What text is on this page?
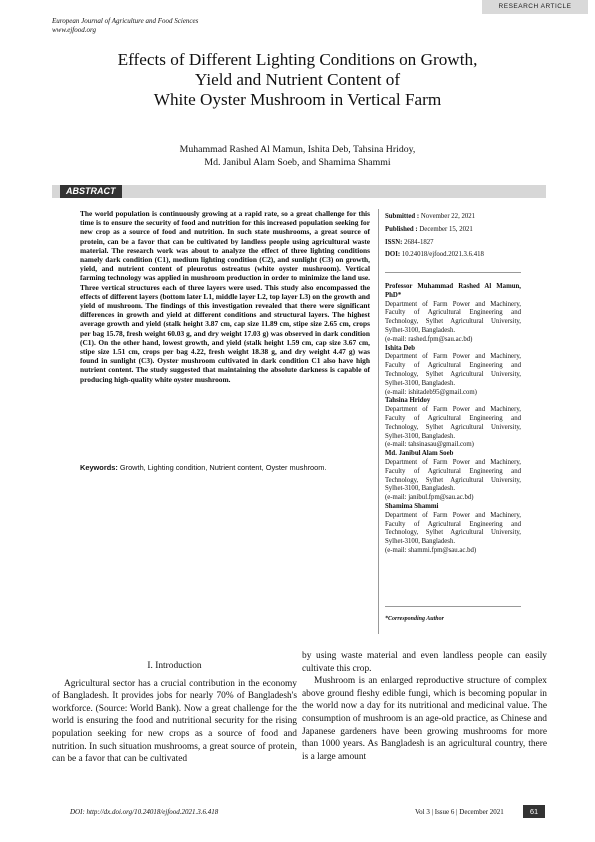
RESEARCH ARTICLE
European Journal of Agriculture and Food Sciences
www.ejfood.org
Effects of Different Lighting Conditions on Growth,
Yield and Nutrient Content of
White Oyster Mushroom in Vertical Farm
Muhammad Rashed Al Mamun, Ishita Deb, Tahsina Hridoy,
Md. Janibul Alam Soeb, and Shamima Shammi
ABSTRACT
The world population is continuously growing at a rapid rate, so a great challenge for this time is to ensure the security of food and nutrition for this increased population seeking for new crop as a source of food and nutrition. In such state mushrooms, a great source of protein, can be a favor that can be cultivated by landless people using agricultural waste material. The research work was about to analyze the effect of three lighting conditions namely dark condition (C1), medium lighting condition (C2), and sunlight (C3) on growth, yield, and nutrient content of pleurotus ostreatus (white oyster mushroom). Vertical farming technology was applied in mushroom production in order to minimize the land use. Three vertical structures each of three layers were used. This study also encompassed the effects of different layers (bottom later L1, middle layer L2, top layer L3) on the growth and yield of mushroom. The findings of this investigation revealed that there were significant differences in growth and yield at different conditions and structural layers. The highest average growth and yield (stalk height 3.87 cm, cap size 11.89 cm, stipe size 2.65 cm, crops per bag 15.78, fresh weight 60.03 g, and dry weight 17.03 g) was observed in dark condition (C1). On the other hand, lowest growth, and yield (stalk height 1.59 cm, cap size 3.67 cm, stipe size 1.51 cm, crops per bag 4.22, fresh weight 18.38 g, and dry weight 4.47 g) was found in sunlight (C3). Oyster mushroom cultivated in dark condition C1 also have high nutrient content. The study suggested that maintaining the absolute darkness is capable of producing high-quality white oyster mushroom.
Keywords: Growth, Lighting condition, Nutrient content, Oyster mushroom.
Submitted : November 22, 2021
Published : December 15, 2021
ISSN: 2684-1827
DOI: 10.24018/ejfood.2021.3.6.418
Professor Muhammad Rashed Al Mamun, PhD*
Department of Farm Power and Machinery, Faculty of Agricultural Engineering and Technology, Sylhet Agricultural University, Sylhet-3100, Bangladesh.
(e-mail: rashed.fpm@sau.ac.bd)
Ishita Deb
Department of Farm Power and Machinery, Faculty of Agricultural Engineering and Technology, Sylhet Agricultural University, Sylhet-3100, Bangladesh.
(e-mail: ishitadeb95@gmail.com)
Tahsina Hridoy
Department of Farm Power and Machinery, Faculty of Agricultural Engineering and Technology, Sylhet Agricultural University, Sylhet-3100, Bangladesh.
(e-mail: tahsinasau@gmail.com)
Md. Janibul Alam Soeb
Department of Farm Power and Machinery, Faculty of Agricultural Engineering and Technology, Sylhet Agricultural University, Sylhet-3100, Bangladesh.
(e-mail: janibul.fpm@sau.ac.bd)
Shamima Shammi
Department of Farm Power and Machinery, Faculty of Agricultural Engineering and Technology, Sylhet Agricultural University, Sylhet-3100, Bangladesh.
(e-mail: shammi.fpm@sau.ac.bd)
*Corresponding Author
I. Introduction

Agricultural sector has a crucial contribution in the economy of Bangladesh. It provides jobs for nearly 70% of Bangladesh's workforce. (Source: World Bank). Now a great challenge for the world is ensuring the food and nutritional security for the rising population seeking for new crops as a source of food and nutrition. In such situation mushrooms, a great source of protein, can be a favor that can be cultivated

by using waste material and even landless people can easily cultivate this crop.

Mushroom is an enlarged reproductive structure of complex above ground fleshy edible fungi, which is becoming popular in the world now a day for its nutritional and medicinal value. The consumption of mushroom is an age-old practice, as Chinese and Japanese gardeners have been growing mushrooms for more than 1000 years. As Bangladesh is an agricultural country, there is a large amount

DOI: http://dx.doi.org/10.24018/ejfood.2021.3.6.418	Vol 3 | Issue 6 | December 2021	61
